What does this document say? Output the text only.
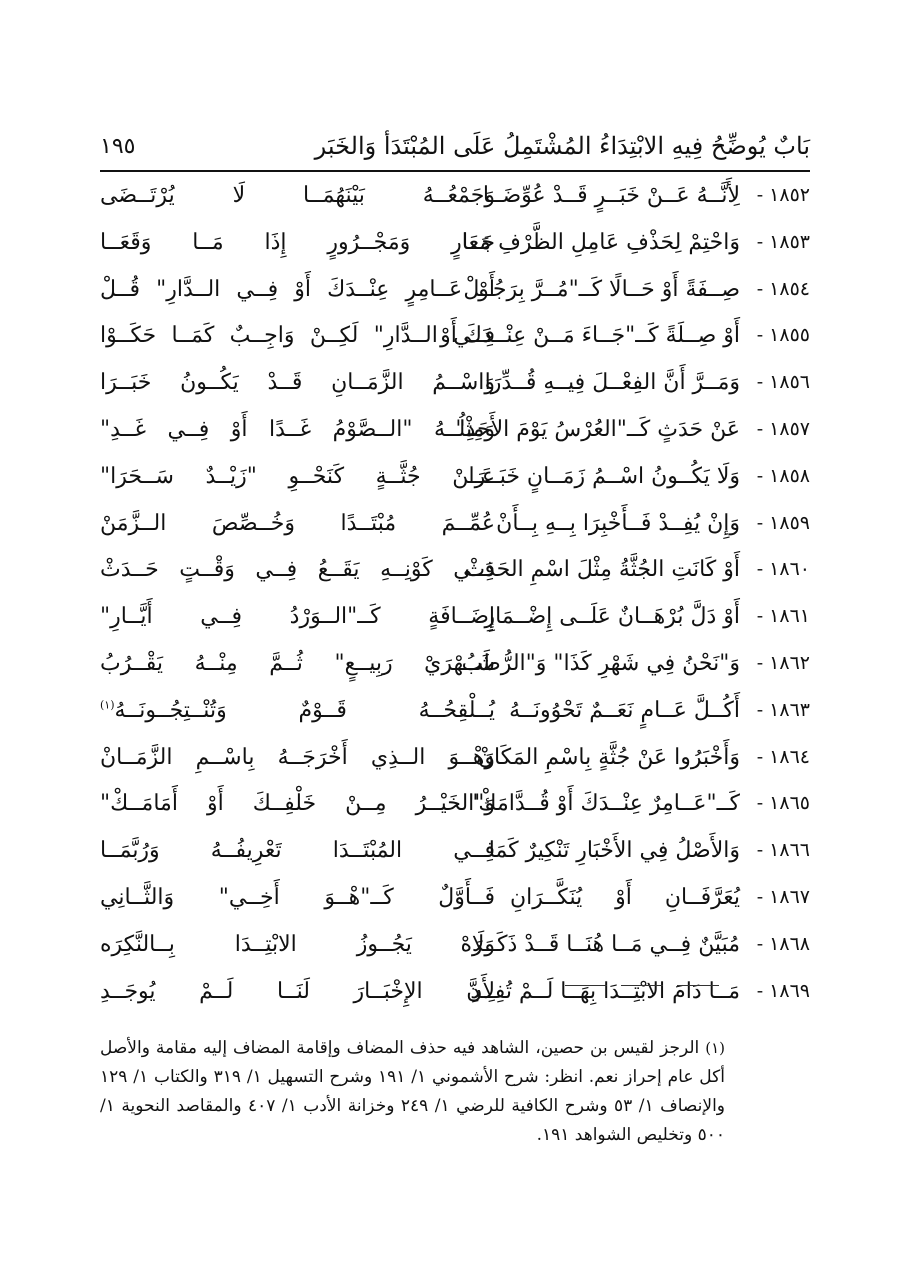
بَابٌ يُوضِّحُ فِيهِ الابْتِدَاءُ المُشْتَمِلُ عَلَى المُبْتَدَأ وَالخَبَر
١٩٥
١٨٥٢ -
لِأَنَّــهُ عَــنْ خَبَــرٍ قَــدْ عُوِّضَــا
وَجَمْعُــهُ بَيْنَهُمَــا لَا يُرْتَــضَى
١٨٥٣ -
وَاحْتِمْ لِحَذْفِ عَامِلِ الظَّرْفِ مَعَا
جَــارٍ وَمَجْــرُورٍ إِذَا مَــا وَقَعَــا
١٨٥٤ -
صِــفَةً أَوْ حَــالًا كَــ"مُــرَّ بِرَجُــلْ
أَوْ عَــامِرٍ عِنْــدَكَ أَوْ فِــي الــدَّارِ" قُــلْ
١٨٥٥ -
أَوْ صِــلَةً كَــ"جَــاءَ مَــنْ عِنْــدَكَ أَوْ
فِــي الــدَّارِ" لَكِــنْ وَاجِــبٌ كَمَــا حَكَــوْا
١٨٥٦ -
وَمَــرَّ أَنَّ الفِعْــلَ فِيــهِ قُــدِّرَا
وَاسْــمُ الزَّمَــانِ قَــدْ يَكُــونُ خَبَــرَا
١٨٥٧ -
عَنْ حَدَثٍ كَــ"العُرْسُ يَوْمَ الأَحَدِ"
وَمِثْلُــهُ "الــصَّوْمُ غَــدًا أَوْ فِــي غَــدِ"
١٨٥٨ -
وَلَا يَكُــونُ اسْــمُ زَمَــانٍ خَبَــرَا
عَــنْ جُثَّــةٍ كَنَحْــوِ "زَيْــدٌ سَــحَرَا"
١٨٥٩ -
وَإِنْ يُفِــدْ فَــأَخْبِرَا بِــهِ بِــأَنْ
عُمِّــمَ مُبْتَــدًا وَخُــصِّصَ الــزَّمَنْ
١٨٦٠ -
أَوْ كَانَتِ الجُثَّةُ مِثْلَ اسْمِ الحَدَثْ
فِــي كَوْنِــهِ يَقَــعُ فِــي وَقْــتٍ حَــدَثْ
١٨٦١ -
أَوْ دَلَّ بُرْهَــانٌ عَلَــى إِضْــمَارِ
إِضَــافَةٍ كَــ"الــوَرْدُ فِــي أَيَّــارِ"
١٨٦٢ -
وَ"نَحْنُ فِي شَهْرِ كَذَا" وَ"الرُّطَبُ
شَــهْرَيْ رَبِيــعٍ" ثُــمَّ مِنْــهُ يَقْــرُبُ
١٨٦٣ -
أَكُــلَّ عَــامٍ نَعَــمٌ تَحْوُونَــهُ
يُــلْقِحُــهُ قَــوْمٌ وَتُنْــتِجُــونَــهُ$^{(١)}$
١٨٦٤ -
وَأَخْبَرُوا عَنْ جُثَّةٍ بِاسْمِ المَكَانْ
وَهْــوَ الــذِي أَخْرَجَــهُ بِاسْــمِ الزَّمَــانْ
١٨٦٥ -
كَــ"عَــامِرٌ عِنْــدَكَ أَوْ قُــدَّامَكْ"
وَ"الخَيْــرُ مِــنْ خَلْفِــكَ أَوْ أَمَامَــكْ"
١٨٦٦ -
وَالأَصْلُ فِي الأَخْبَارِ تَنْكِيرٌ كَمَا
فِــي المُبْتَــدَا تَعْرِيفُــهُ وَرُبَّمَــا
١٨٦٧ -
يُعَرَّفَــانِ أَوْ يُنَكَّــرَانِ
فَــأَوَّلٌ كَــ"هْــوَ أَخِــي" وَالثَّــانِي
١٨٦٨ -
مُبَيَّنٌ فِــي مَــا هُنَــا قَــدْ ذَكَــرَهْ
وَلَا يَجُــوزُ الابْتِــدَا بِــالنَّكِرَه
١٨٦٩ -
مَــا دَامَ الابْتِــدَا بِهَــا لَــمْ تُفِــدِ
لِأَنَّ الإِخْبَــارَ لَنَــا لَــمْ يُوجَــدِ
(١) الرجز لقيس بن حصين، الشاهد فيه حذف المضاف وإقامة المضاف إليه مقامة والأصل أكل عام إحراز نعم. انظر: شرح الأشموني ١/ ١٩١ وشرح التسهيل ١/ ٣١٩ والكتاب ١/ ١٢٩ والإنصاف ١/ ٥٣ وشرح الكافية للرضي ١/ ٢٤٩ وخزانة الأدب ١/ ٤٠٧ والمقاصد النحوية ١/ ٥٠٠ وتخليص الشواهد ١٩١.
